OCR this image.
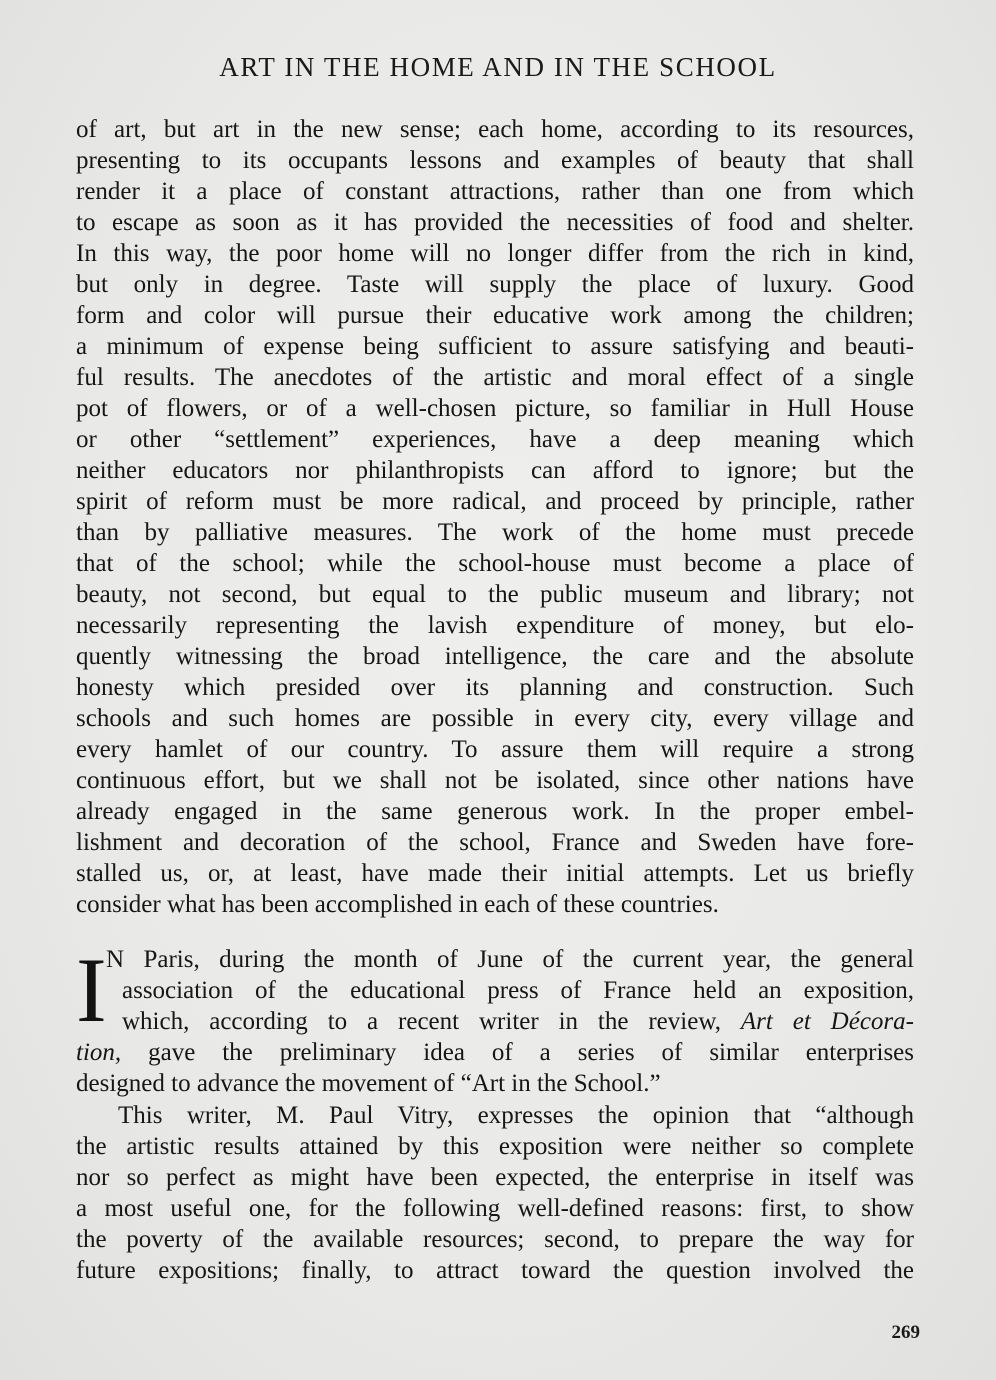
ART IN THE HOME AND IN THE SCHOOL
of art, but art in the new sense; each home, according to its resources,
presenting to its occupants lessons and examples of beauty that shall
render it a place of constant attractions, rather than one from which
to escape as soon as it has provided the necessities of food and shelter.
In this way, the poor home will no longer differ from the rich in kind,
but only in degree. Taste will supply the place of luxury. Good
form and color will pursue their educative work among the children;
a minimum of expense being sufficient to assure satisfying and beauti-
ful results. The anecdotes of the artistic and moral effect of a single
pot of flowers, or of a well-chosen picture, so familiar in Hull House
or other “settlement” experiences, have a deep meaning which
neither educators nor philanthropists can afford to ignore; but the
spirit of reform must be more radical, and proceed by principle, rather
than by palliative measures. The work of the home must precede
that of the school; while the school-house must become a place of
beauty, not second, but equal to the public museum and library; not
necessarily representing the lavish expenditure of money, but elo-
quently witnessing the broad intelligence, the care and the absolute
honesty which presided over its planning and construction. Such
schools and such homes are possible in every city, every village and
every hamlet of our country. To assure them will require a strong
continuous effort, but we shall not be isolated, since other nations have
already engaged in the same generous work. In the proper embel-
lishment and decoration of the school, France and Sweden have fore-
stalled us, or, at least, have made their initial attempts. Let us briefly
consider what has been accomplished in each of these countries.
I N Paris, during the month of June of the current year, the general
association of the educational press of France held an exposition,
which, according to a recent writer in the review, Art et Décora-
tion, gave the preliminary idea of a series of similar enterprises
designed to advance the movement of “Art in the School.”
This writer, M. Paul Vitry, expresses the opinion that “although
the artistic results attained by this exposition were neither so complete
nor so perfect as might have been expected, the enterprise in itself was
a most useful one, for the following well-defined reasons: first, to show
the poverty of the available resources; second, to prepare the way for
future expositions; finally, to attract toward the question involved the
269
